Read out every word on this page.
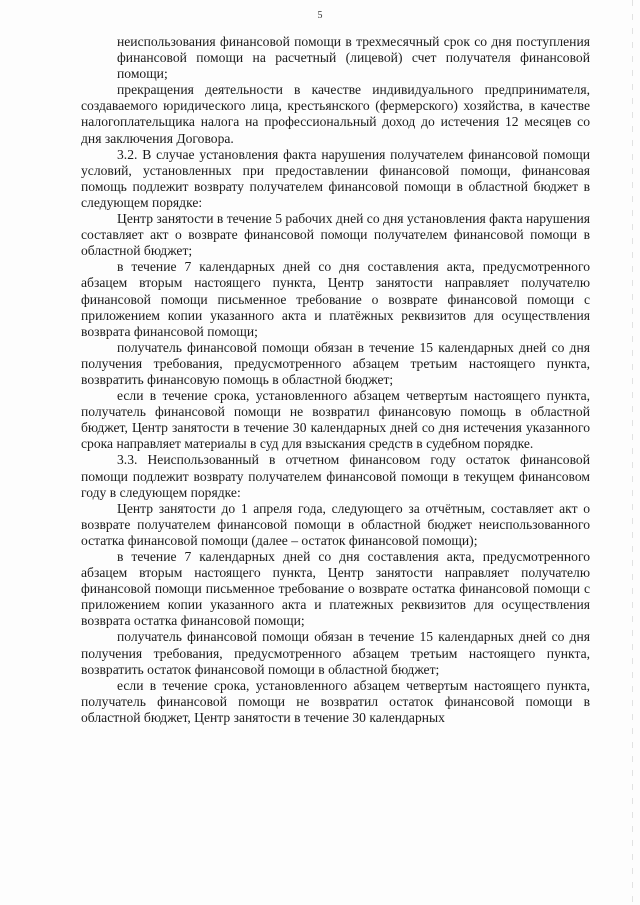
5

неиспользования финансовой помощи в трехмесячный срок со дня поступления финансовой помощи на расчетный (лицевой) счет получателя финансовой помощи;

прекращения деятельности в качестве индивидуального предпринимателя, создаваемого юридического лица, крестьянского (фермерского) хозяйства, в качестве налогоплательщика налога на профессиональный доход до истечения 12 месяцев со дня заключения Договора.

3.2. В случае установления факта нарушения получателем финансовой помощи условий, установленных при предоставлении финансовой помощи, финансовая помощь подлежит возврату получателем финансовой помощи в областной бюджет в следующем порядке:

Центр занятости в течение 5 рабочих дней со дня установления факта нарушения составляет акт о возврате финансовой помощи получателем финансовой помощи в областной бюджет;

в течение 7 календарных дней со дня составления акта, предусмотренного абзацем вторым настоящего пункта, Центр занятости направляет получателю финансовой помощи письменное требование о возврате финансовой помощи с приложением копии указанного акта и платёжных реквизитов для осуществления возврата финансовой помощи;

получатель финансовой помощи обязан в течение 15 календарных дней со дня получения требования, предусмотренного абзацем третьим настоящего пункта, возвратить финансовую помощь в областной бюджет;

если в течение срока, установленного абзацем четвертым настоящего пункта, получатель финансовой помощи не возвратил финансовую помощь в областной бюджет, Центр занятости в течение 30 календарных дней со дня истечения указанного срока направляет материалы в суд для взыскания средств в судебном порядке.

3.3. Неиспользованный в отчетном финансовом году остаток финансовой помощи подлежит возврату получателем финансовой помощи в текущем финансовом году в следующем порядке:

Центр занятости до 1 апреля года, следующего за отчётным, составляет акт о возврате получателем финансовой помощи в областной бюджет неиспользованного остатка финансовой помощи (далее – остаток финансовой помощи);

в течение 7 календарных дней со дня составления акта, предусмотренного абзацем вторым настоящего пункта, Центр занятости направляет получателю финансовой помощи письменное требование о возврате остатка финансовой помощи с приложением копии указанного акта и платежных реквизитов для осуществления возврата остатка финансовой помощи;

получатель финансовой помощи обязан в течение 15 календарных дней со дня получения требования, предусмотренного абзацем третьим настоящего пункта, возвратить остаток финансовой помощи в областной бюджет;

если в течение срока, установленного абзацем четвертым настоящего пункта, получатель финансовой помощи не возвратил остаток финансовой помощи в областной бюджет, Центр занятости в течение 30 календарных
